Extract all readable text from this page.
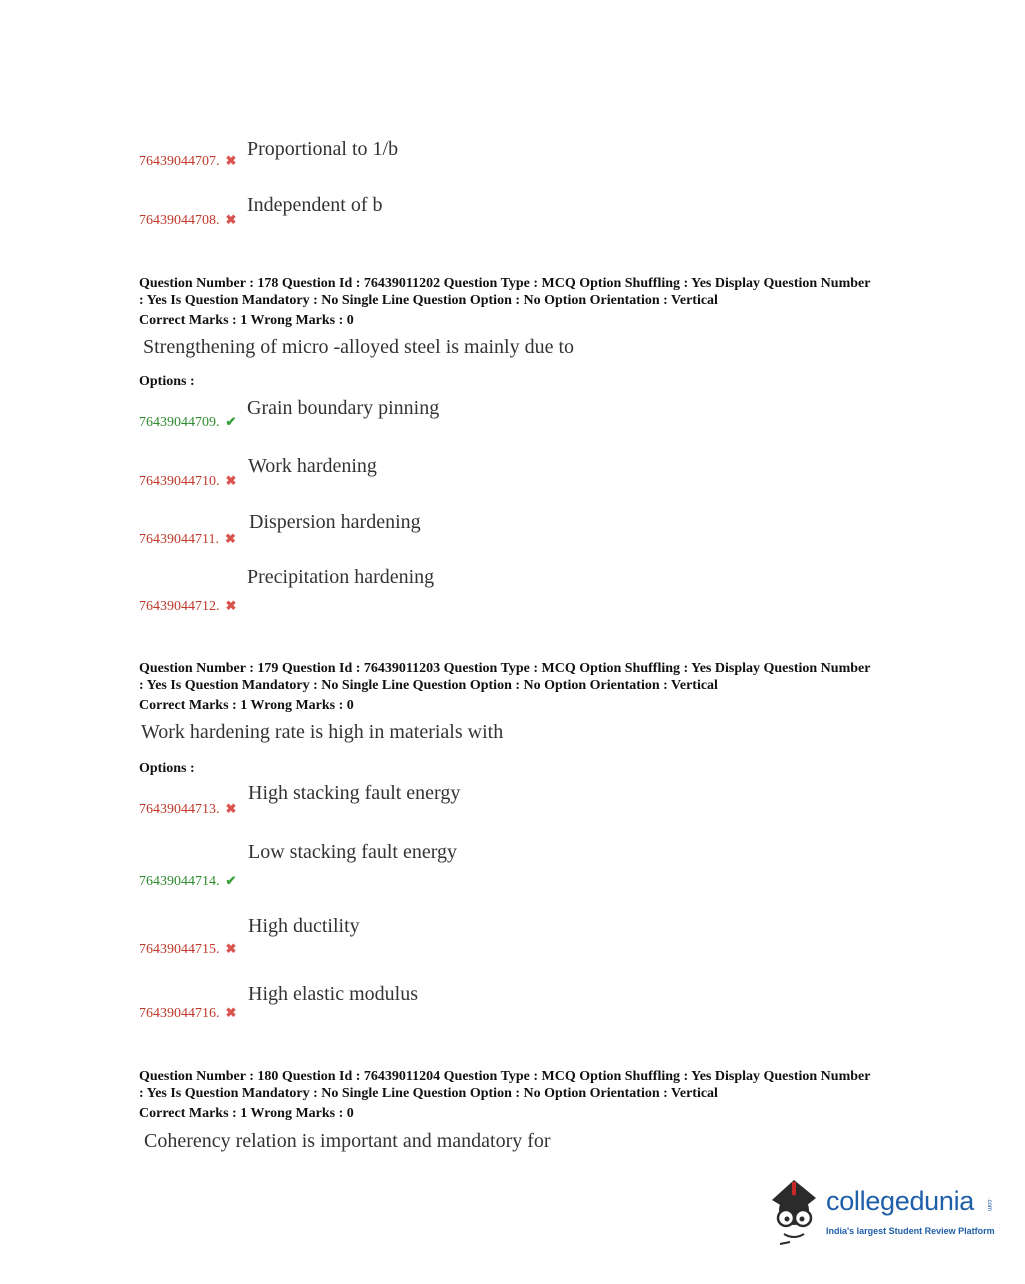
76439044707. ✖
Proportional to 1/b
76439044708. ✖
Independent of b
Question Number : 178 Question Id : 76439011202 Question Type : MCQ Option Shuffling : Yes Display Question Number
: Yes Is Question Mandatory : No Single Line Question Option : No Option Orientation : Vertical
Correct Marks : 1 Wrong Marks : 0
Strengthening of micro -alloyed steel is mainly due to
Options :
76439044709. ✔
Grain boundary pinning
76439044710. ✖
Work hardening
76439044711. ✖
Dispersion hardening
76439044712. ✖
Precipitation hardening
Question Number : 179 Question Id : 76439011203 Question Type : MCQ Option Shuffling : Yes Display Question Number
: Yes Is Question Mandatory : No Single Line Question Option : No Option Orientation : Vertical
Correct Marks : 1 Wrong Marks : 0
Work hardening rate is high in materials with
Options :
76439044713. ✖
High stacking fault energy
76439044714. ✔
Low stacking fault energy
76439044715. ✖
High ductility
76439044716. ✖
High elastic modulus
Question Number : 180 Question Id : 76439011204 Question Type : MCQ Option Shuffling : Yes Display Question Number
: Yes Is Question Mandatory : No Single Line Question Option : No Option Orientation : Vertical
Correct Marks : 1 Wrong Marks : 0
Coherency relation is important and mandatory for
collegedunia .com
India's largest Student Review Platform
